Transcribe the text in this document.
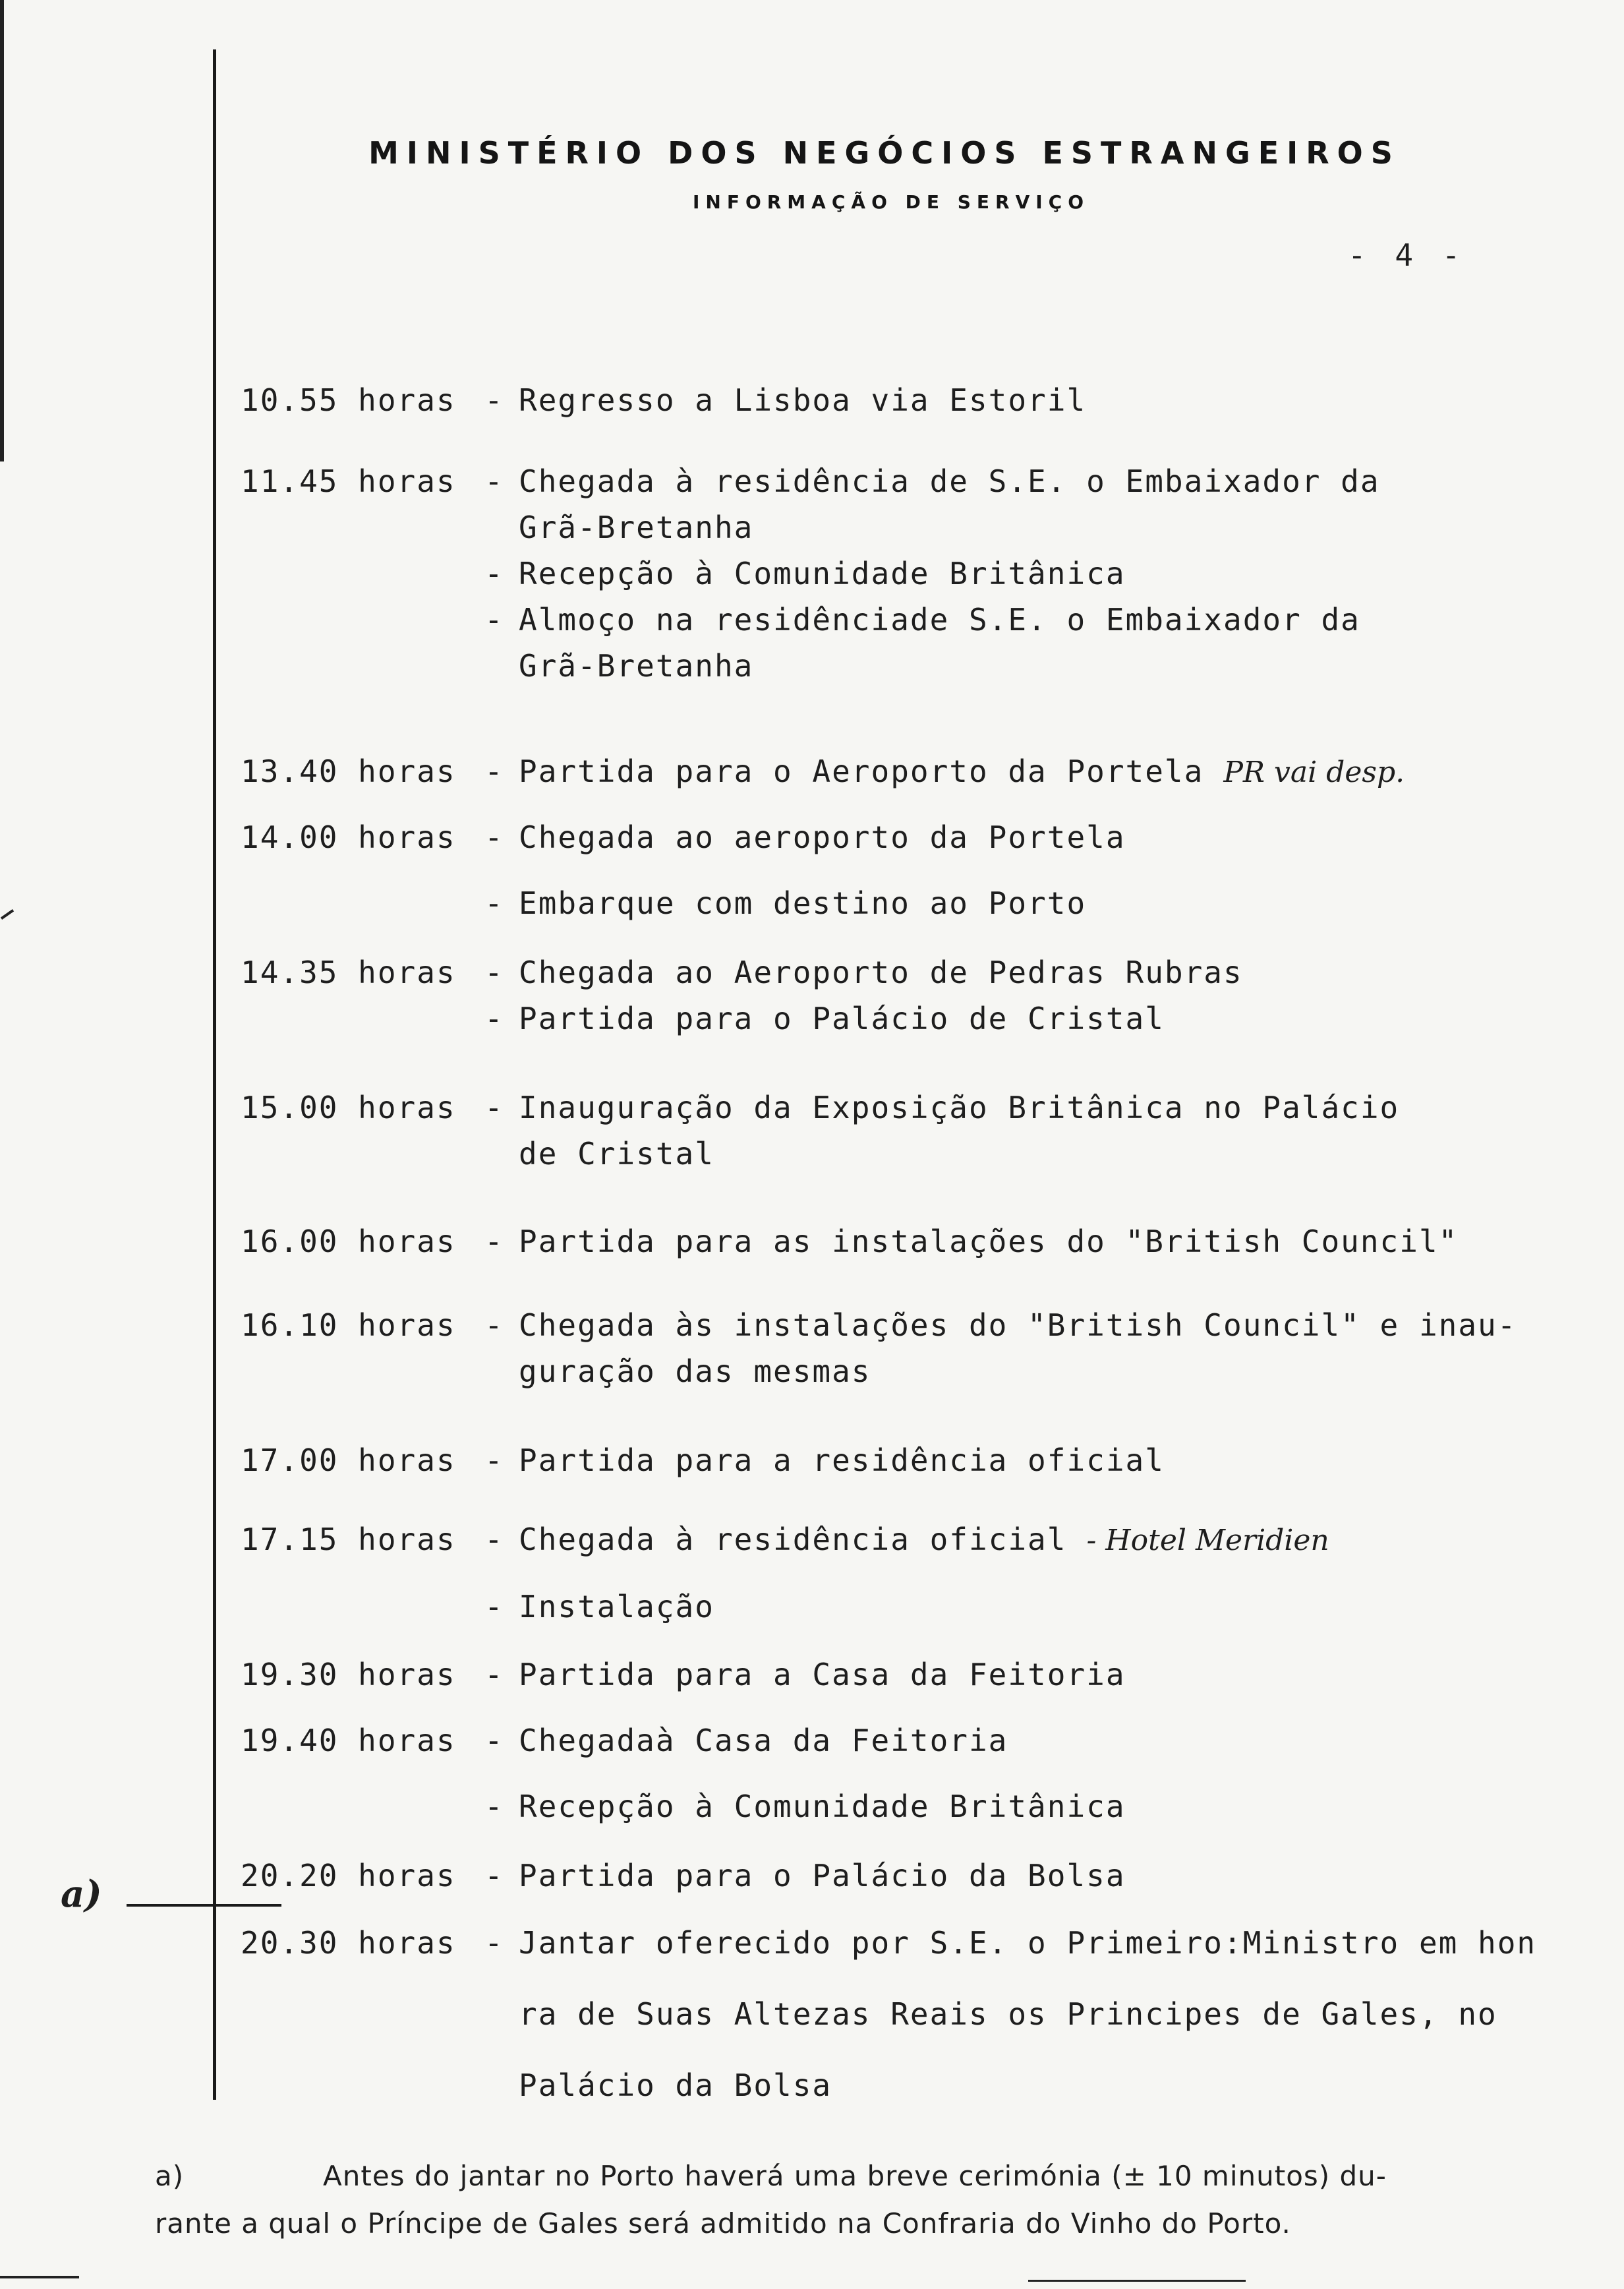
MINISTÉRIO DOS NEGÓCIOS ESTRANGEIROS
INFORMAÇÃO DE SERVIÇO
- 4 -
10.55 horas - Regresso a Lisboa via Estoril
11.45 horas - Chegada à residência de S.E. o Embaixador da
Grã-Bretanha
- Recepção à Comunidade Britânica
- Almoço na residênciade S.E. o Embaixador da
Grã-Bretanha
13.40 horas - Partida para o Aeroporto da Portela PR vai desp.
14.00 horas - Chegada ao aeroporto da Portela
- Embarque com destino ao Porto
14.35 horas - Chegada ao Aeroporto de Pedras Rubras
- Partida para o Palácio de Cristal
15.00 horas - Inauguração da Exposição Britânica no Palácio
de Cristal
16.00 horas - Partida para as instalações do "British Council"
16.10 horas - Chegada às instalações do "British Council" e inau-
guração das mesmas
17.00 horas - Partida para a residência oficial
17.15 horas - Chegada à residência oficial - Hotel Meridien
- Instalação
19.30 horas - Partida para a Casa da Feitoria
19.40 horas - Chegadaà Casa da Feitoria
- Recepção à Comunidade Britânica
20.20 horas - Partida para o Palácio da Bolsa
20.30 horas - Jantar oferecido por S.E. o Primeiro:Ministro em hon
ra de Suas Altezas Reais os Principes de Gales, no
Palácio da Bolsa
a)
a)	Antes do jantar no Porto haverá uma breve cerimónia (± 10 minutos) du-
rante a qual o Príncipe de Gales será admitido na Confraria do Vinho do Porto.
